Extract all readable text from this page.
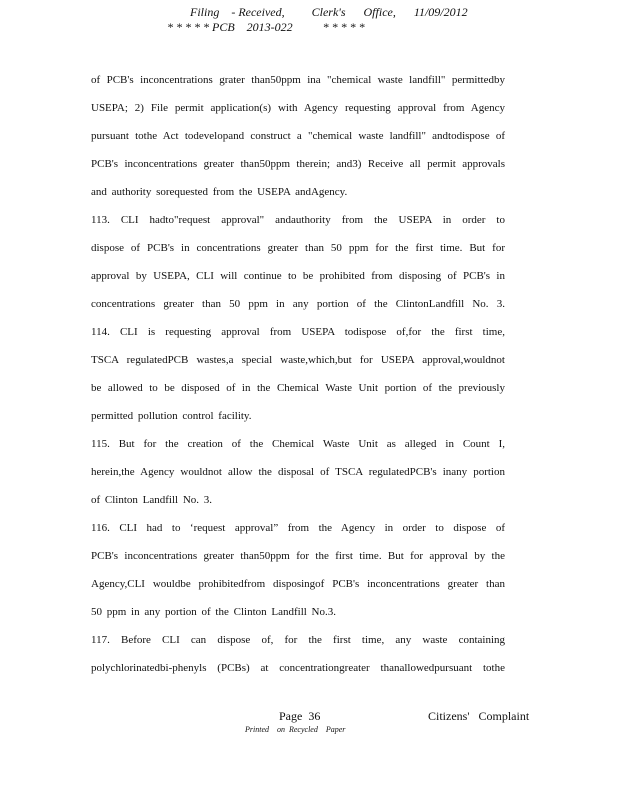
Filing    - Received,         Clerk's      Office,      11/09/2012
* * * * * PCB    2013-022          * * * * *
of PCB's inconcentrations grater than50ppm ina "chemical waste landfill" permittedby
USEPA; 2) File permit application(s) with Agency requesting approval from Agency
pursuant tothe Act todevelopand construct a "chemical waste landfill" andtodispose of
PCB's inconcentrations greater than50ppm therein; and3) Receive all permit approvals
and authority sorequested from the USEPA andAgency.
113. CLI hadto"request approval" andauthority from the USEPA in order to
dispose of PCB's in concentrations greater than 50 ppm for the first time. But for
approval by USEPA, CLI will continue to be prohibited from disposing of PCB's in
concentrations greater than 50 ppm in any portion of the ClintonLandfill No. 3.
114. CLI is requesting approval from USEPA todispose of,for the first time,
TSCA regulatedPCB wastes,a special waste,which,but for USEPA approval,wouldnot
be allowed to be disposed of in the Chemical Waste Unit portion of the previously
permitted pollution control facility.
115. But for the creation of the Chemical Waste Unit as alleged in Count I,
herein,the Agency wouldnot allow the disposal of TSCA regulatedPCB's inany portion
of Clinton Landfill No. 3.
116. CLI had to ‘request approval” from the Agency in order to dispose of
PCB's inconcentrations greater than50ppm for the first time. But for approval by the
Agency,CLI wouldbe prohibitedfrom disposingof PCB's inconcentrations greater than
50 ppm in any portion of the Clinton Landfill No.3.
117. Before CLI can dispose of, for the first time, any waste containing
polychlorinatedbi-phenyls (PCBs) at concentrationgreater thanallowedpursuant tothe
Page  36	Citizens'   Complaint
Printed    on  Recycled    Paper
